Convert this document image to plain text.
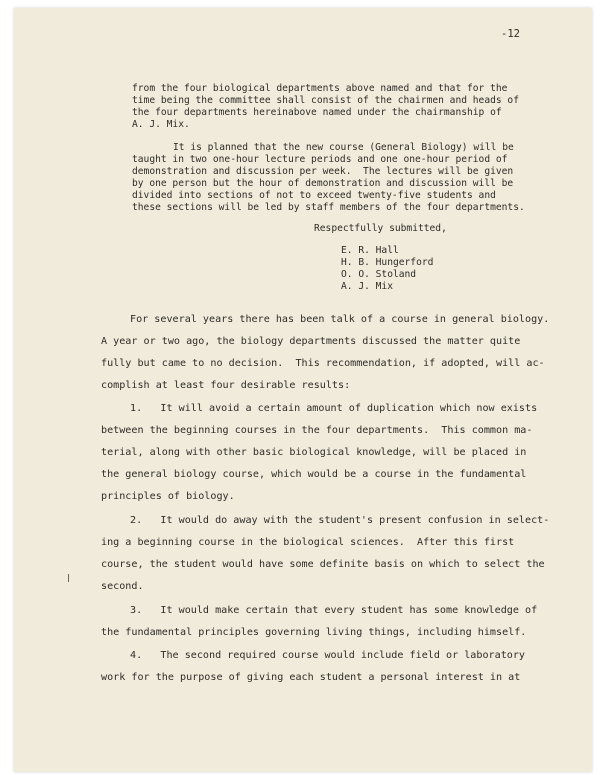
-12
from the four biological departments above named and that for the
time being the committee shall consist of the chairmen and heads of
the four departments hereinabove named under the chairmanship of
A. J. Mix.
It is planned that the new course (General Biology) will be
taught in two one-hour lecture periods and one one-hour period of
demonstration and discussion per week.  The lectures will be given
by one person but the hour of demonstration and discussion will be
divided into sections of not to exceed twenty-five students and
these sections will be led by staff members of the four departments.
Respectfully submitted,
E. R. Hall
H. B. Hungerford
O. O. Stoland
A. J. Mix
For several years there has been talk of a course in general biology.
A year or two ago, the biology departments discussed the matter quite
fully but came to no decision.  This recommendation, if adopted, will ac-
complish at least four desirable results:
1.   It will avoid a certain amount of duplication which now exists
between the beginning courses in the four departments.  This common ma-
terial, along with other basic biological knowledge, will be placed in
the general biology course, which would be a course in the fundamental
principles of biology.
2.   It would do away with the student's present confusion in select-
ing a beginning course in the biological sciences.  After this first
course, the student would have some definite basis on which to select the
second.
3.   It would make certain that every student has some knowledge of
the fundamental principles governing living things, including himself.
4.   The second required course would include field or laboratory
work for the purpose of giving each student a personal interest in at
